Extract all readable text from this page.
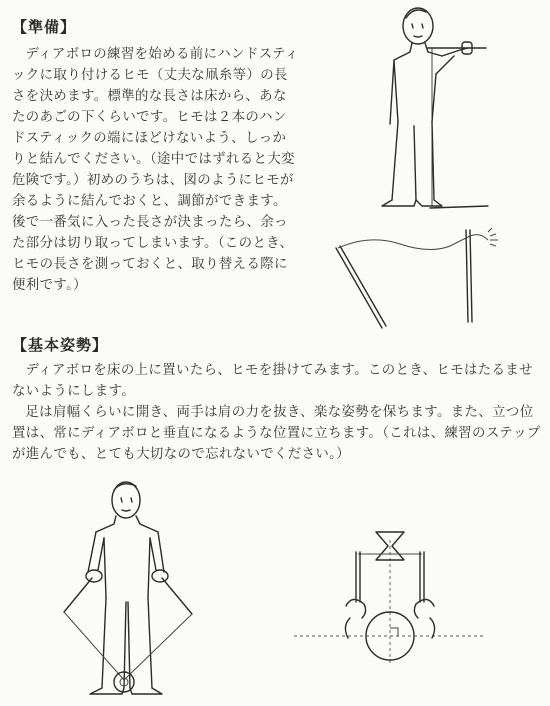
【準備】

ディアボロの練習を始める前にハンドスティックに取り付けるヒモ（丈夫な凧糸等）の長さを決めます。標準的な長さは床から、あなたのあごの下くらいです。ヒモは２本のハンドスティックの端にほどけないよう、しっかりと結んでください。（途中ではずれると大変危険です。）初めのうちは、図のようにヒモが余るように結んでおくと、調節ができます。後で一番気に入った長さが決まったら、余った部分は切り取ってしまいます。（このとき、ヒモの長さを測っておくと、取り替える際に便利です。）

【基本姿勢】

ディアボロを床の上に置いたら、ヒモを掛けてみます。このとき、ヒモはたるませないようにします。

足は肩幅くらいに開き、両手は肩の力を抜き、楽な姿勢を保ちます。また、立つ位置は、常にディアボロと垂直になるような位置に立ちます。（これは、練習のステップが進んでも、とても大切なので忘れないでください。）
